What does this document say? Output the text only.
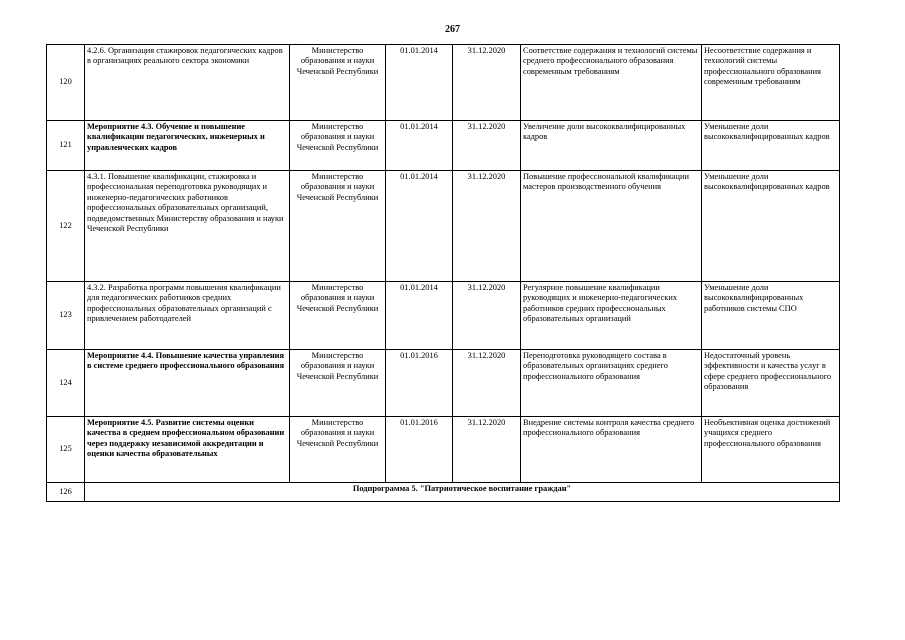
267
120	4.2.6. Организация стажировок педагогических кадров в организациях реального сектора экономики	Министерство образования и науки Чеченской Республики	01.01.2014	31.12.2020	Соответствие содержания и технологий системы среднего профессионального образования современным требованиям	Несоответствие содержания и технологий системы профессионального образования современным требованиям
121	Мероприятие 4.3. Обучение и повышение квалификации педагогических, инженерных и управленческих кадров	Министерство образования и науки Чеченской Республики	01.01.2014	31.12.2020	Увеличение доли высококвалифицированных кадров	Уменьшение доли высококвалифицированных кадров
122	4.3.1. Повышение квалификации, стажировка и профессиональная переподготовка руководящих и инженерно-педагогических работников профессиональных образовательных организаций, подведомственных Министерству образования и науки Чеченской Республики	Министерство образования и науки Чеченской Республики	01.01.2014	31.12.2020	Повышение профессиональной квалификации мастеров производственного обучения	Уменьшение доли высококвалифицированных кадров
123	4.3.2. Разработка программ повышения квалификации для педагогических работников средних профессиональных образовательных организаций с привлечением работодателей	Министерство образования и науки Чеченской Республики	01.01.2014	31.12.2020	Регулярное повышение квалификации руководящих и инженерно-педагогических работников средних профессиональных образовательных организаций	Уменьшение доли высококвалифицированных работников системы СПО
124	Мероприятие 4.4. Повышение качества управления в системе среднего профессионального образования	Министерство образования и науки Чеченской Республики	01.01.2016	31.12.2020	Переподготовка руководящего состава в образовательных организациях среднего профессионального образования	Недостаточный уровень эффективности и качества услуг в сфере среднего профессионального образования
125	Мероприятие 4.5. Развитие системы оценки качества в среднем профессиональном образовании через поддержку независимой аккредитации и оценки качества образовательных	Министерство образования и науки Чеченской Республики	01.01.2016	31.12.2020	Внедрение системы контроля качества среднего профессионального образования	Необъективная оценка достижений учащихся среднего профессионального образования
126	Подпрограмма 5. "Патриотическое воспитание граждан"					
